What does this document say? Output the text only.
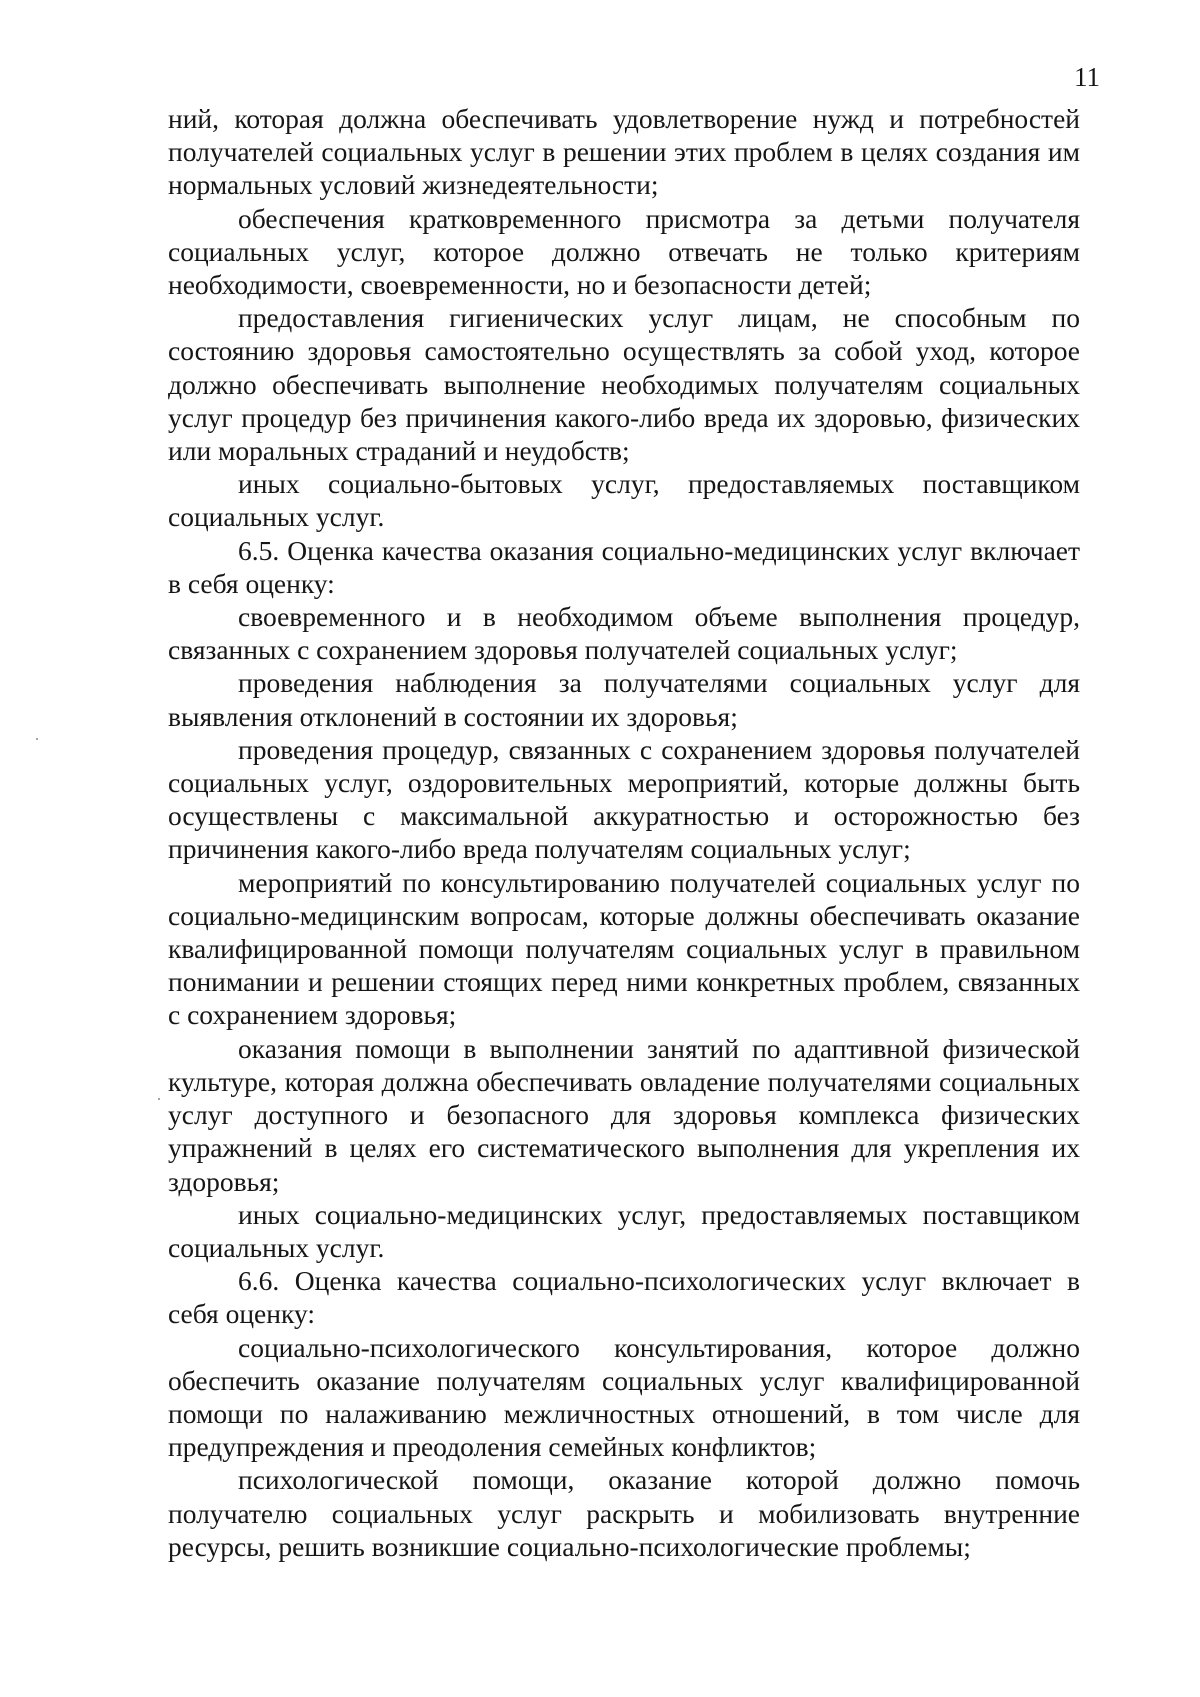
11

ний, которая должна обеспечивать удовлетворение нужд и потребностей получателей социальных услуг в решении этих проблем в целях создания им нормальных условий жизнедеятельности;

обеспечения кратковременного присмотра за детьми получателя социальных услуг, которое должно отвечать не только критериям необходимости, своевременности, но и безопасности детей;

предоставления гигиенических услуг лицам, не способным по состоянию здоровья самостоятельно осуществлять за собой уход, которое должно обеспечивать выполнение необходимых получателям социальных услуг процедур без причинения какого-либо вреда их здоровью, физических или моральных страданий и неудобств;

иных социально-бытовых услуг, предоставляемых поставщиком социальных услуг.

6.5. Оценка качества оказания социально-медицинских услуг включает в себя оценку:

своевременного и в необходимом объеме выполнения процедур, связанных с сохранением здоровья получателей социальных услуг;

проведения наблюдения за получателями социальных услуг для выявления отклонений в состоянии их здоровья;

проведения процедур, связанных с сохранением здоровья получателей социальных услуг, оздоровительных мероприятий, которые должны быть осуществлены с максимальной аккуратностью и осторожностью без причинения какого-либо вреда получателям социальных услуг;

мероприятий по консультированию получателей социальных услуг по социально-медицинским вопросам, которые должны обеспечивать оказание квалифицированной помощи получателям социальных услуг в правильном понимании и решении стоящих перед ними конкретных проблем, связанных с сохранением здоровья;

оказания помощи в выполнении занятий по адаптивной физической культуре, которая должна обеспечивать овладение получателями социальных услуг доступного и безопасного для здоровья комплекса физических упражнений в целях его систематического выполнения для укрепления их здоровья;

иных социально-медицинских услуг, предоставляемых поставщиком социальных услуг.

6.6. Оценка качества социально-психологических услуг включает в себя оценку:

социально-психологического консультирования, которое должно обеспечить оказание получателям социальных услуг квалифицированной помощи по налаживанию межличностных отношений, в том числе для предупреждения и преодоления семейных конфликтов;

психологической помощи, оказание которой должно помочь получателю социальных услуг раскрыть и мобилизовать внутренние ресурсы, решить возникшие социально-психологические проблемы;
